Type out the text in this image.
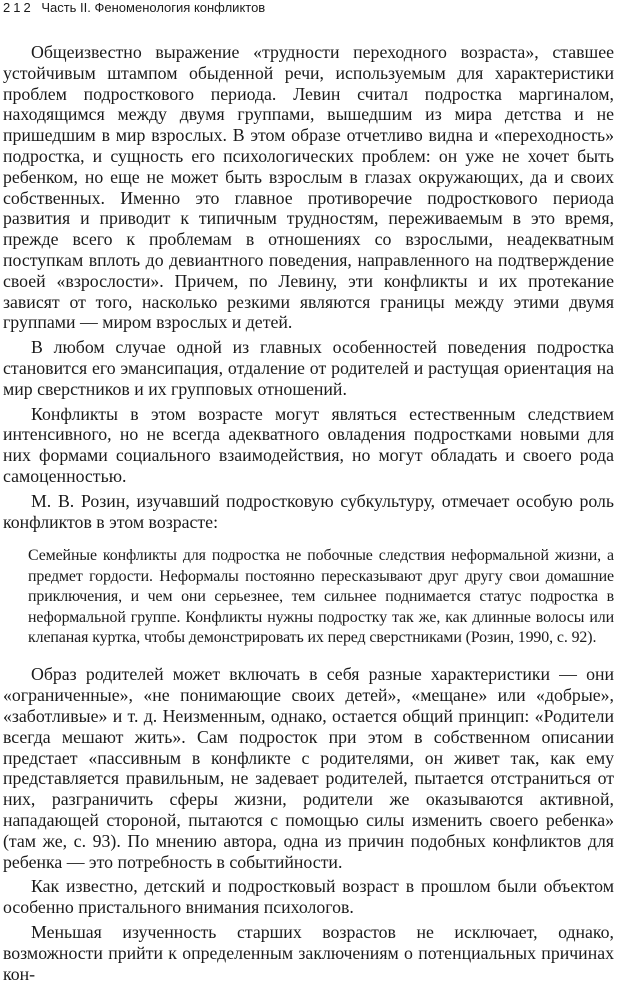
212 Часть II. Феноменология конфликтов

Общеизвестно выражение «трудности переходного возраста», ставшее устойчивым штампом обыденной речи, используемым для характеристики проблем подросткового периода. Левин считал подростка маргиналом, находящимся между двумя группами, вышедшим из мира детства и не пришедшим в мир взрослых. В этом образе отчетливо видна и «переходность» подростка, и сущность его психологических проблем: он уже не хочет быть ребенком, но еще не может быть взрослым в глазах окружающих, да и своих собственных. Именно это главное противоречие подросткового периода развития и приводит к типичным трудностям, переживаемым в это время, прежде всего к проблемам в отношениях со взрослыми, неадекватным поступкам вплоть до девиантного поведения, направленного на подтверждение своей «взрослости». Причем, по Левину, эти конфликты и их протекание зависят от того, насколько резкими являются границы между этими двумя группами — миром взрослых и детей.

В любом случае одной из главных особенностей поведения подростка становится его эмансипация, отдаление от родителей и растущая ориентация на мир сверстников и их групповых отношений.

Конфликты в этом возрасте могут являться естественным следствием интенсивного, но не всегда адекватного овладения подростками новыми для них формами социального взаимодействия, но могут обладать и своего рода самоценностью.

М. В. Розин, изучавший подростковую субкультуру, отмечает особую роль конфликтов в этом возрасте:

Семейные конфликты для подростка не побочные следствия неформальной жизни, а предмет гордости. Неформалы постоянно пересказывают друг другу свои домашние приключения, и чем они серьезнее, тем сильнее поднимается статус подростка в неформальной группе. Конфликты нужны подростку так же, как длинные волосы или клепаная куртка, чтобы демонстрировать их перед сверстниками (Розин, 1990, с. 92).

Образ родителей может включать в себя разные характеристики — они «ограниченные», «не понимающие своих детей», «мещане» или «добрые», «заботливые» и т. д. Неизменным, однако, остается общий принцип: «Родители всегда мешают жить». Сам подросток при этом в собственном описании предстает «пассивным в конфликте с родителями, он живет так, как ему представляется правильным, не задевает родителей, пытается отстраниться от них, разграничить сферы жизни, родители же оказываются активной, нападающей стороной, пытаются с помощью силы изменить своего ребенка» (там же, с. 93). По мнению автора, одна из причин подобных конфликтов для ребенка — это потребность в событийности.

Как известно, детский и подростковый возраст в прошлом были объектом особенно пристального внимания психологов.

Меньшая изученность старших возрастов не исключает, однако, возможности прийти к определенным заключениям о потенциальных причинах кон-
